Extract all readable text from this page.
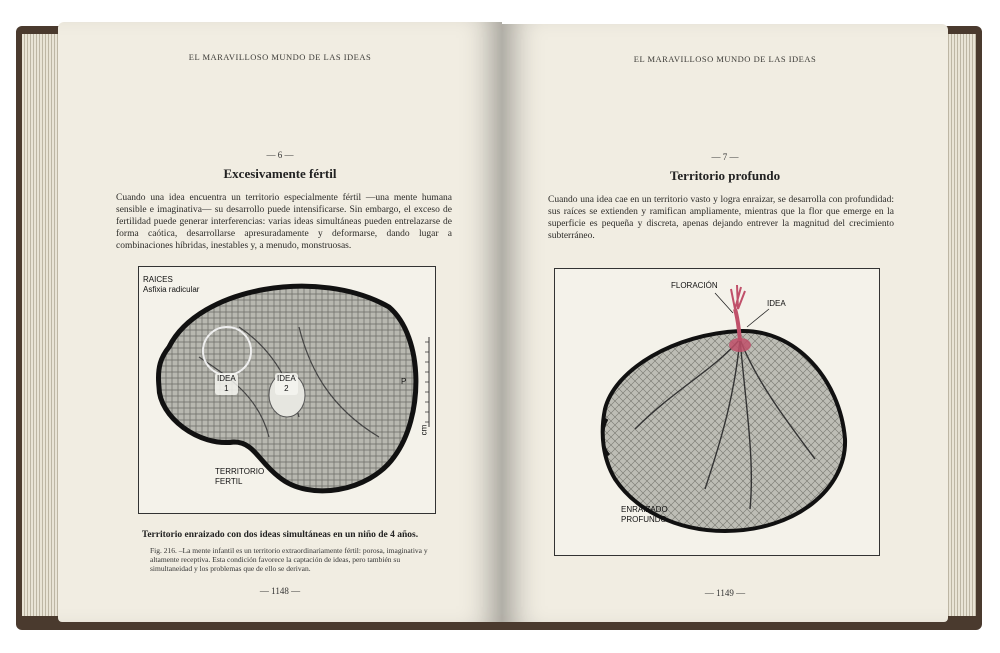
EL MARAVILLOSO MUNDO DE LAS IDEAS
— 6 —
Excesivamente fértil
Cuando una idea encuentra un territorio especialmente fértil —una mente humana sensible e imaginativa— su desarrollo puede intensificarse. Sin embargo, el exceso de fertilidad puede generar interferencias: varias ideas simultáneas pueden entrelazarse de forma caótica, desarrollarse apresuradamente y deformarse, dando lugar a combinaciones híbridas, inestables y, a menudo, monstruosas.
RAICES
Asfixia radicular
IDEA
1
IDEA
2
P
cm
TERRITORIO
FERTIL
Territorio enraizado con dos ideas simultáneas en un niño de 4 años.
Fig. 216. –La mente infantil es un territorio extraordinariamente fértil: porosa, imaginativa y altamente receptiva. Esta condición favorece la captación de ideas, pero también su simultaneidad y los problemas que de ello se derivan.
— 1148 —
EL MARAVILLOSO MUNDO DE LAS IDEAS
— 7 —
Territorio profundo
Cuando una idea cae en un territorio vasto y logra enraizar, se desarrolla con profundidad: sus raíces se extienden y ramifican ampliamente, mientras que la flor que emerge en la superficie es pequeña y discreta, apenas dejando entrever la magnitud del crecimiento subterráneo.
FLORACIÓN
IDEA
ENRAIZADO
PROFUNDO
— 1149 —
